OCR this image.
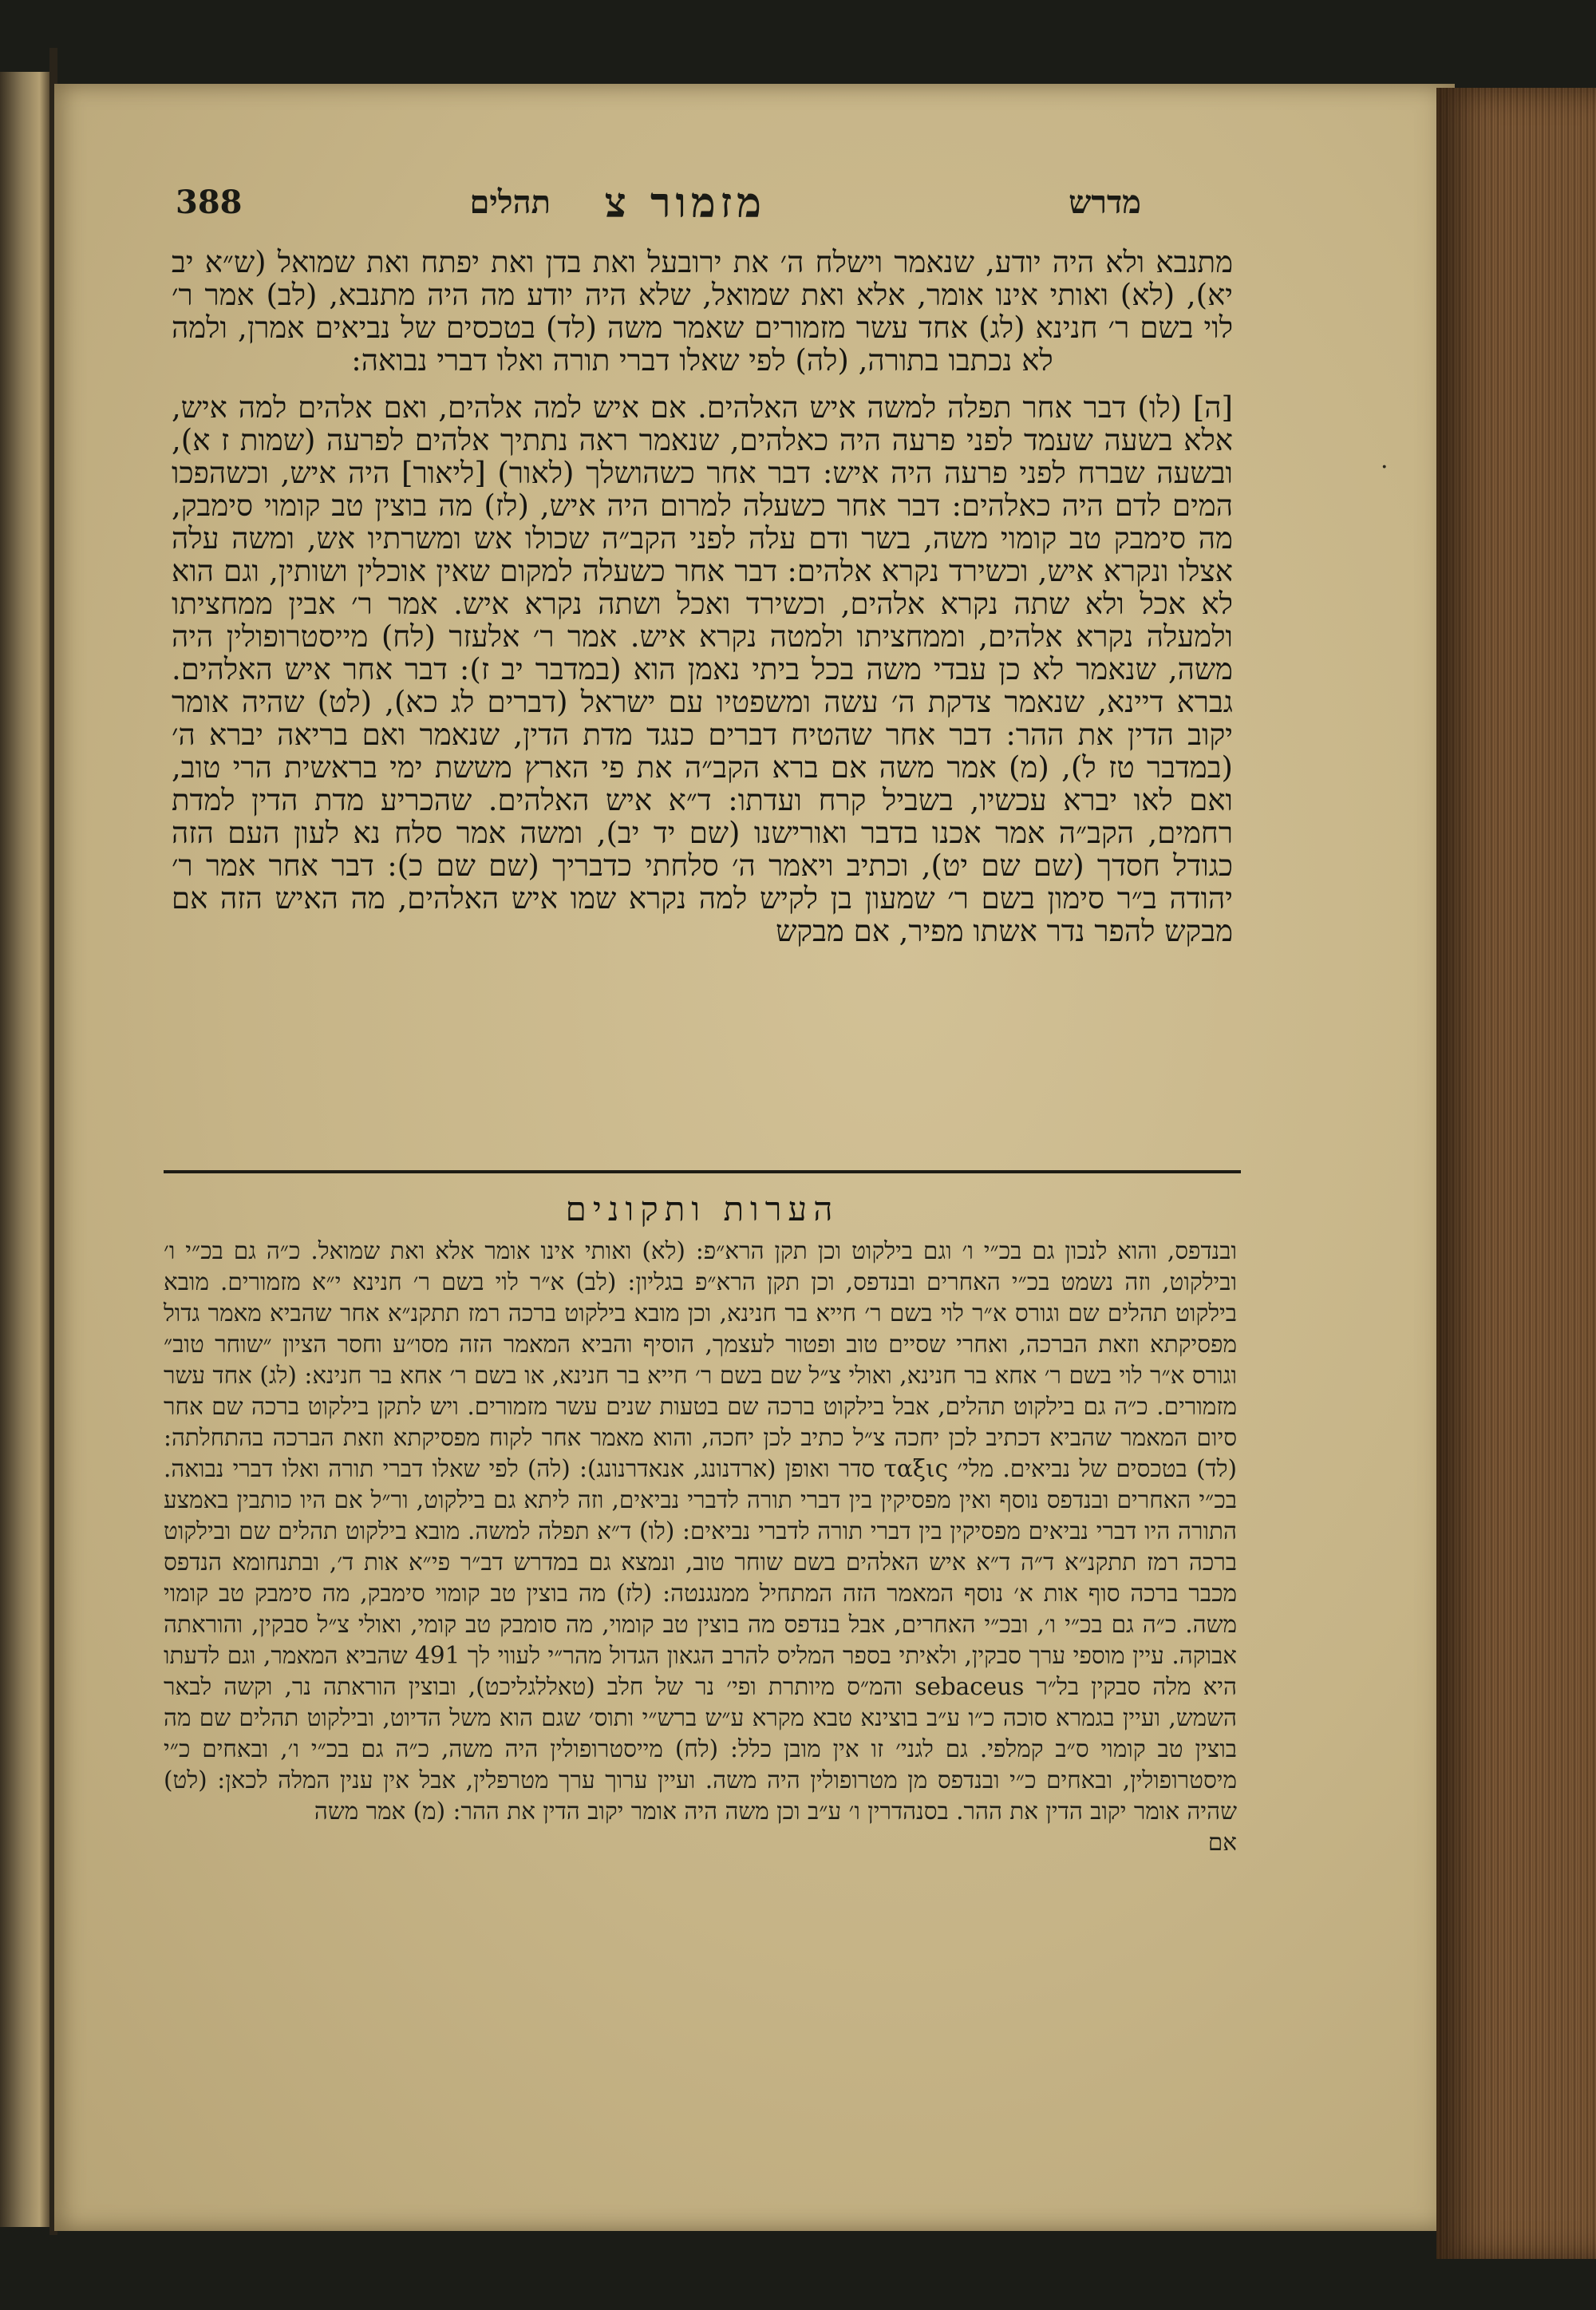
388	תהלים מזמור צ	מדרש

מתנבא ולא היה יודע, שנאמר וישלח ה׳ את ירובעל ואת בדן ואת יפתח ואת שמואל (ש״א יב יא), (לא) ואותי אינו אומר, אלא ואת שמואל, שלא היה יודע מה היה מתנבא, (לב) אמר ר׳ לוי בשם ר׳ חנינא (לג) אחד עשר מזמורים שאמר משה (לד) בטכסים של נביאים אמרן, ולמה לא נכתבו בתורה, (לה) לפי שאלו דברי תורה ואלו דברי נבואה:

[ה] (לו) דבר אחר תפלה למשה איש האלהים. אם איש למה אלהים, ואם אלהים למה איש, אלא בשעה שעמד לפני פרעה היה כאלהים, שנאמר ראה נתתיך אלהים לפרעה (שמות ז א), ובשעה שברח לפני פרעה היה איש: דבר אחר כשהושלך (לאור) [ליאור] היה איש, וכשהפכו המים לדם היה כאלהים: דבר אחר כשעלה למרום היה איש, (לז) מה בוצין טב קומוי סימבק, מה סימבק טב קומוי משה, בשר ודם עלה לפני הקב״ה שכולו אש ומשרתיו אש, ומשה עלה אצלו ונקרא איש, וכשירד נקרא אלהים: דבר אחר כשעלה למקום שאין אוכלין ושותין, וגם הוא לא אכל ולא שתה נקרא אלהים, וכשירד ואכל ושתה נקרא איש. אמר ר׳ אבין ממחציתו ולמעלה נקרא אלהים, וממחציתו ולמטה נקרא איש. אמר ר׳ אלעזר (לח) מייסטרופולין היה משה, שנאמר לא כן עבדי משה בכל ביתי נאמן הוא (במדבר יב ז): דבר אחר איש האלהים. גברא דיינא, שנאמר צדקת ה׳ עשה ומשפטיו עם ישראל (דברים לג כא), (לט) שהיה אומר יקוב הדין את ההר: דבר אחר שהטיח דברים כנגד מדת הדין, שנאמר ואם בריאה יברא ה׳ (במדבר טז ל), (מ) אמר משה אם ברא הקב״ה את פי הארץ מששת ימי בראשית הרי טוב, ואם לאו יברא עכשיו, בשביל קרח ועדתו: ד״א איש האלהים. שהכריע מדת הדין למדת רחמים, הקב״ה אמר אכנו בדבר ואורישנו (שם יד יב), ומשה אמר סלח נא לעון העם הזה כגודל חסדך (שם שם יט), וכתיב ויאמר ה׳ סלחתי כדבריך (שם שם כ): דבר אחר אמר ר׳ יהודה ב״ר סימון בשם ר׳ שמעון בן לקיש למה נקרא שמו איש האלהים, מה האיש הזה אם מבקש להפר נדר אשתו מפיר, אם מבקש

·
הערות ותקונים
ובנדפס, והוא לנכון גם בכ״י ו׳ וגם בילקוט וכן תקן הרא״פ: (לא) ואותי אינו אומר אלא ואת שמואל. כ״ה גם בכ״י ו׳ ובילקוט, וזה נשמט בכ״י האחרים ובנדפס, וכן תקן הרא״פ בגליון: (לב) א״ר לוי בשם ר׳ חנינא י״א מזמורים. מובא בילקוט תהלים שם וגורס א״ר לוי בשם ר׳ חייא בר חנינא, וכן מובא בילקוט ברכה רמז תתקנ״א אחר שהביא מאמר גדול מפסיקתא וזאת הברכה, ואחרי שסיים טוב ופטור לעצמך, הוסיף והביא המאמר הזה מסו״ע וחסר הציון ״שוחר טוב״ וגורס א״ר לוי בשם ר׳ אחא בר חנינא, ואולי צ״ל שם בשם ר׳ חייא בר חנינא, או בשם ר׳ אחא בר חנינא: (לג) אחד עשר מזמורים. כ״ה גם בילקוט תהלים, אבל בילקוט ברכה שם בטעות שנים עשר מזמורים. ויש לתקן בילקוט ברכה שם אחר סיום המאמר שהביא דכתיב לכן יחכה צ״ל כתיב לכן יחכה, והוא מאמר אחר לקוח מפסיקתא וזאת הברכה בהתחלתה: (לד) בטכסים של נביאים. מלי׳ ταξις סדר ואופן (ארדנונג, אנאדרנונג): (לה) לפי שאלו דברי תורה ואלו דברי נבואה. בכ״י האחרים ובנדפס נוסף ואין מפסיקין בין דברי תורה לדברי נביאים, וזה ליתא גם בילקוט, ור״ל אם היו כותבין באמצע התורה היו דברי נביאים מפסיקין בין דברי תורה לדברי נביאים: (לו) ד״א תפלה למשה. מובא בילקוט תהלים שם ובילקוט ברכה רמז תתקנ״א ד״ה ד״א איש האלהים בשם שוחר טוב, ונמצא גם במדרש דב״ר פי״א אות ד׳, ובתנחומא הנדפס מכבר ברכה סוף אות א׳ נוסף המאמר הזה המתחיל ממנגנטה: (לז) מה בוצין טב קומוי סימבק, מה סימבק טב קומוי משה. כ״ה גם בכ״י ו׳, ובכ״י האחרים, אבל בנדפס מה בוצין טב קומוי, מה סומבק טב קומי, ואולי צ״ל סבקין, והוראתה אבוקה. עיין מוספי ערך סבקין, ולאיתי בספר המליס להרב הגאון הגדול מהר״י לעווי לך 491 שהביא המאמר, וגם לדעתו היא מלה סבקין בל״ר sebaceus והמ״ס מיותרת ופי׳ נר של חלב (טאללגליכט), ובוצין הוראתה נר, וקשה לבאר השמש, ועיין בגמרא סוכה כ״ו ע״ב בוצינא טבא מקרא ע״ש ברש״י ותוס׳ שגם הוא משל הדיוט, ובילקוט תהלים שם מה בוצין טב קומוי ס״ב קמלפי. גם לגני׳ זו אין מובן כלל: (לח) מייסטרופולין היה משה, כ״ה גם בכ״י ו׳, ובאחים כ״י מיסטרופולין, ובאחים כ״י ובנדפס מן מטרופולין היה משה. ועיין ערוך ערך מטרפלין, אבל אין ענין המלה לכאן: (לט) שהיה אומר יקוב הדין את ההר. בסנהדרין ו׳ ע״ב וכן משה היה אומר יקוב הדין את ההר: (מ) אמר משה
אם
